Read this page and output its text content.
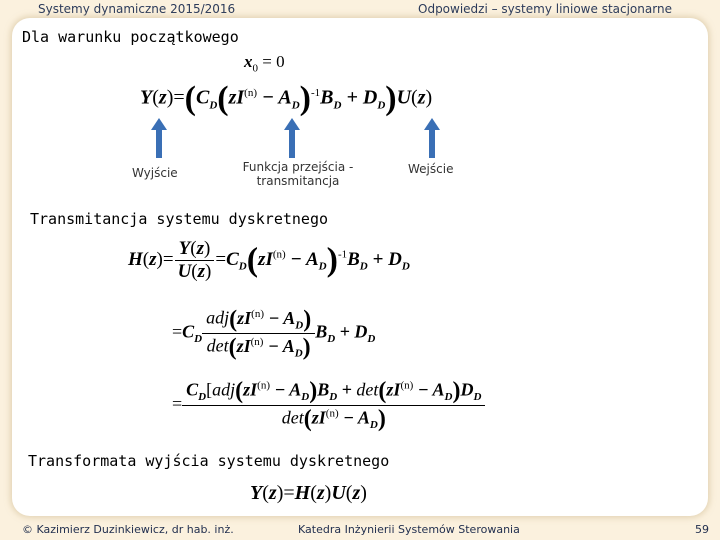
Systemy dynamiczne 2015/2016	Odpowiedzi – systemy liniowe stacjonarne
Dla warunku początkowego
$x_0 = 0$
$Y(z)=(C_D(zI^{(n)} - A_D)^{-1}B_D + D_D)U(z)$
Wyjście	Funkcja przejścia - transmitancja
Wejście
Transmitancja systemu dyskretnego
$H(z)= \frac{Y(z)}{U(z)} =C_D(zI^{(n)} - A_D)^{-1}B_D + D_D$
$=C_D \frac{adj(zI^{(n)} - A_D)}{\det(zI^{(n)} - A_D)} B_D + D_D$
= $\frac{C_D[adj(zI^{(n)} - A_D)B_D + \det(zI^{(n)} - A_D)D_D}{\det(zI^{(n)} - A_D)}$
Transformata wyjścia systemu dyskretnego
Y(z)=H(z)U(z)
© Kazimierz Duzinkiewicz, dr hab. inż.	Katedra Inżynierii Systemów Sterowania	59
